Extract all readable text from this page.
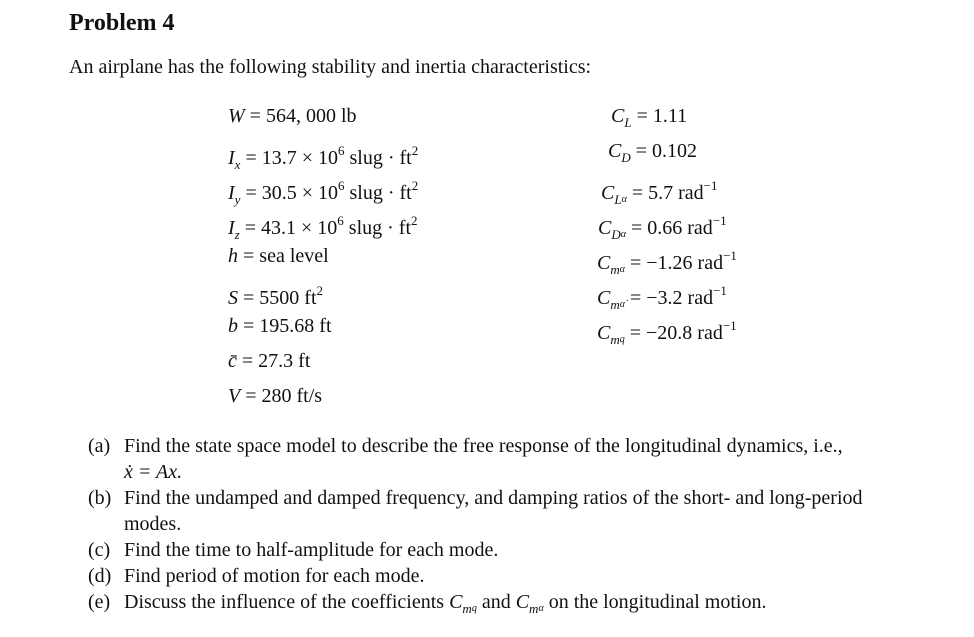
Problem 4
An airplane has the following stability and inertia characteristics:
W = 564, 000 lb
$I_x = 13.7 \times 10^6$ slug · $ft^2$
$I_y = 30.5 \times 10^6$ slug · $ft^2$
$I_z = 43.1 \times 10^6$ slug · $ft^2$
h = sea level
S = 5500 $ft^2$
b = 195.68 ft
c̄ = 27.3 ft
V = 280 ft/s
$C_L = 1.11$
$C_D = 0.102$
$C_L\alpha = 5.7$ rad$^{-1}$
$C_D\alpha = 0.66$ rad$^{-1}$
$C_m\alpha = -1.26$ rad$^{-1}$
$C_m\alphȧ = -3.2$ rad$^{-1}$
$C_mq = -20.8$ rad$^{-1}$
(a) Find the state space model to describe the free response of the longitudinal dynamics, i.e.,
ẋ = Ax.
(b) Find the undamped and damped frequency, and damping ratios of the short- and long-period
modes.
(c) Find the time to half-amplitude for each mode.
(d) Find period of motion for each mode.
(e) Discuss the influence of the coefficients $C_mq$ and $C_m\alpha$ on the longitudinal motion.
